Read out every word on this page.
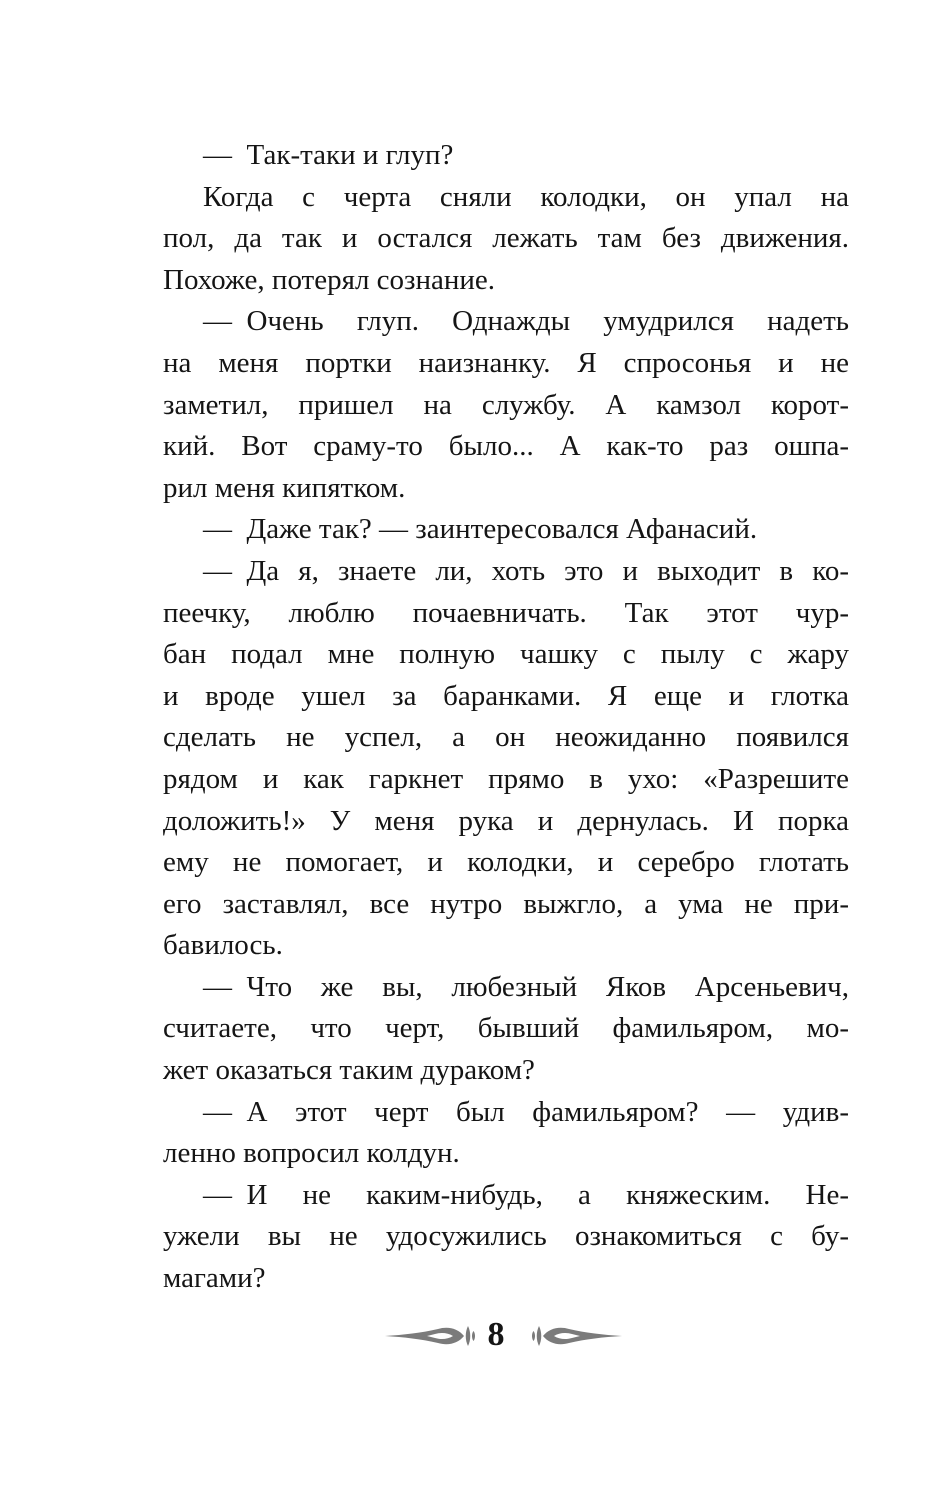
— Так-таки и глуп?
Когда с черта сняли колодки, он упал на
пол, да так и остался лежать там без движения.
Похоже, потерял сознание.
— Очень глуп. Однажды умудрился надеть
на меня портки наизнанку. Я спросонья и не
заметил, пришел на службу. А камзол корот-
кий. Вот сраму-то было... А как-то раз ошпа-
рил меня кипятком.
— Даже так? — заинтересовался Афанасий.
— Да я, знаете ли, хоть это и выходит в ко-
пеечку, люблю почаевничать. Так этот чур-
бан подал мне полную чашку с пылу с жару
и вроде ушел за баранками. Я еще и глотка
сделать не успел, а он неожиданно появился
рядом и как гаркнет прямо в ухо: «Разрешите
доложить!» У меня рука и дернулась. И порка
ему не помогает, и колодки, и серебро глотать
его заставлял, все нутро выжгло, а ума не при-
бавилось.
— Что же вы, любезный Яков Арсеньевич,
считаете, что черт, бывший фамильяром, мо-
жет оказаться таким дураком?
— А этот черт был фамильяром? — удив-
ленно вопросил колдун.
— И не каким-нибудь, а княжеским. Не-
ужели вы не удосужились ознакомиться с бу-
магами?
8
